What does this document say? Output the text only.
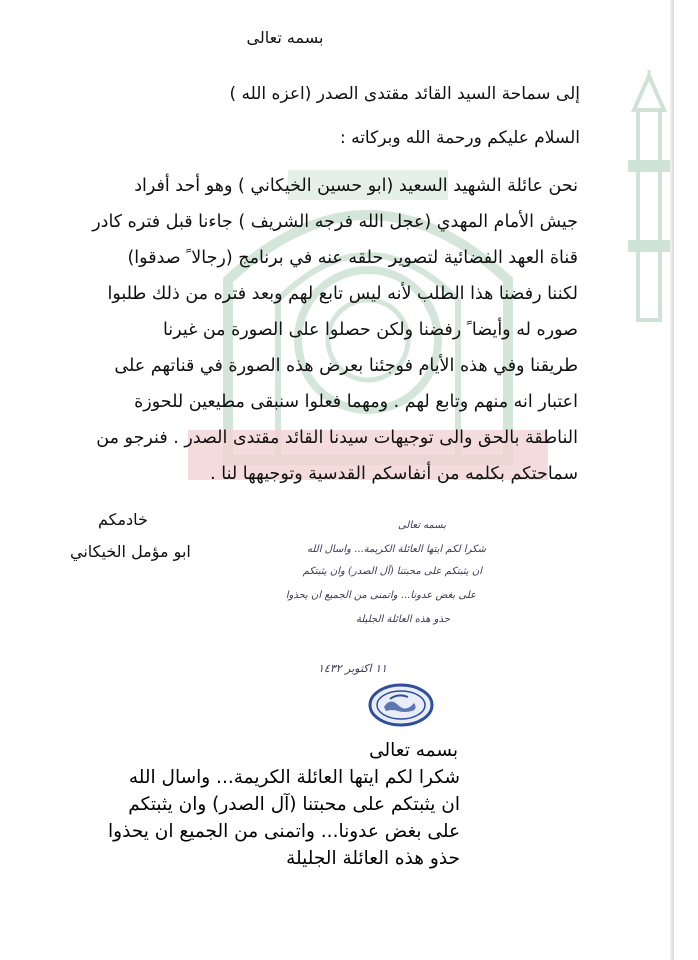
بسمه تعالى
إلى سماحة السيد القائد مقتدى الصدر (اعزه الله )
السلام عليكم ورحمة الله وبركاته :
نحن عائلة الشهيد السعيد (ابو حسين الخيكاني ) وهو أحد أفراد
جيش الأمام المهدي (عجل الله فرجه الشريف ) جاءنا قبل فتره كادر
قناة العهد الفضائية لتصوير حلقه عنه في برنامج (رجالا ً صدقوا)
لكننا رفضنا هذا الطلب لأنه ليس تابع لهم وبعد فتره من ذلك طلبوا
صوره له وأيضا ً رفضنا ولكن حصلوا على الصورة من غيرنا
طريقنا وفي هذه الأيام فوجئنا بعرض هذه الصورة في قناتهم على
اعتبار انه منهم وتابع لهم . ومهما فعلوا سنبقى مطيعين للحوزة
الناطقة بالحق والى توجيهات سيدنا القائد مقتدى الصدر . فنرجو من
سماحتكم بكلمه من أنفاسكم القدسية وتوجيهها لنا .
خادمكم
ابو مؤمل الخيكاني
بسمه تعالى
شكرا لكم ايتها العائلة الكريمة... واسال الله
ان يثبتكم على محبتنا (آل الصدر) وان يثبتكم
على بغض عدونا... واتمنى من الجميع ان يحذوا
حذو هذه العائلة الجليلة
١١ اكتوبر ١٤٣٢
بسمه تعالى
شكرا لكم ايتها العائلة الكريمة... واسال الله
ان يثبتكم على محبتنا (آل الصدر) وان يثبتكم
على بغض عدونا... واتمنى من الجميع ان يحذوا
حذو هذه العائلة الجليلة
